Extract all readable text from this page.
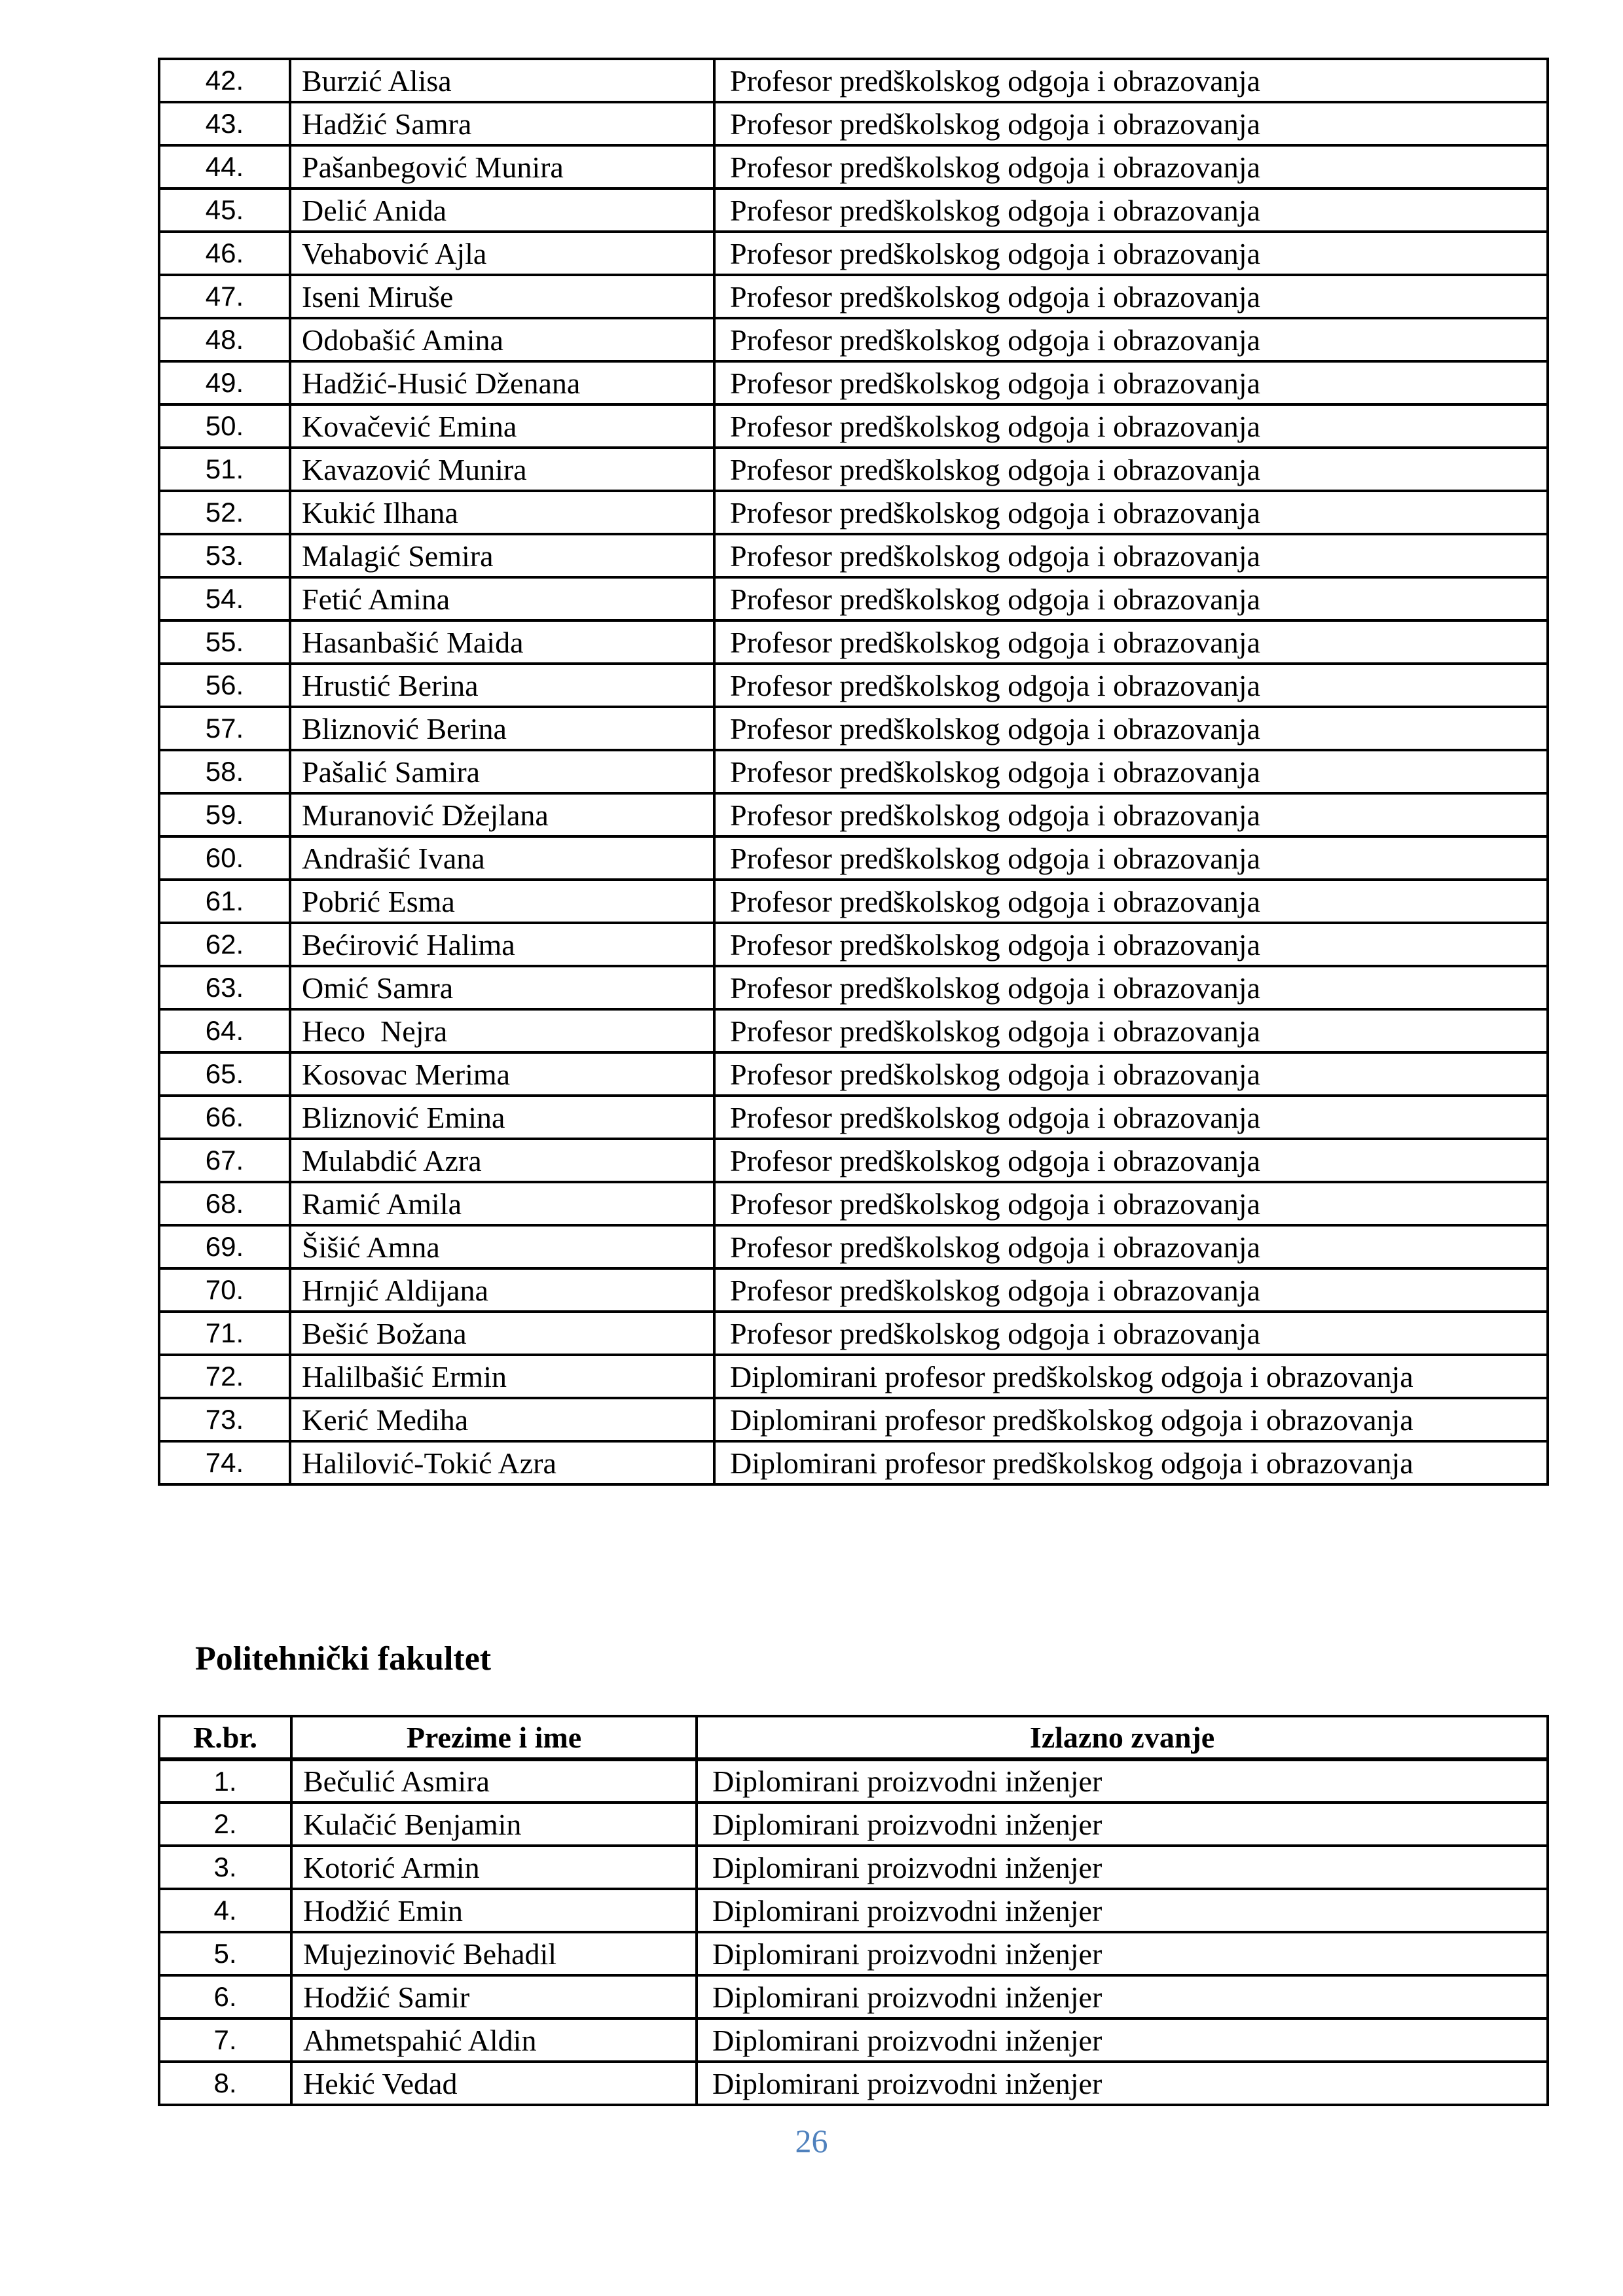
42.	Burzić Alisa	Profesor predškolskog odgoja i obrazovanja
43.	Hadžić Samra	Profesor predškolskog odgoja i obrazovanja
44.	Pašanbegović Munira	Profesor predškolskog odgoja i obrazovanja
45.	Delić Anida	Profesor predškolskog odgoja i obrazovanja
46.	Vehabović Ajla	Profesor predškolskog odgoja i obrazovanja
47.	Iseni Miruše	Profesor predškolskog odgoja i obrazovanja
48.	Odobašić Amina	Profesor predškolskog odgoja i obrazovanja
49.	Hadžić-Husić Dženana	Profesor predškolskog odgoja i obrazovanja
50.	Kovačević Emina	Profesor predškolskog odgoja i obrazovanja
51.	Kavazović Munira	Profesor predškolskog odgoja i obrazovanja
52.	Kukić Ilhana	Profesor predškolskog odgoja i obrazovanja
53.	Malagić Semira	Profesor predškolskog odgoja i obrazovanja
54.	Fetić Amina	Profesor predškolskog odgoja i obrazovanja
55.	Hasanbašić Maida	Profesor predškolskog odgoja i obrazovanja
56.	Hrustić Berina	Profesor predškolskog odgoja i obrazovanja
57.	Bliznović Berina	Profesor predškolskog odgoja i obrazovanja
58.	Pašalić Samira	Profesor predškolskog odgoja i obrazovanja
59.	Muranović Džejlana	Profesor predškolskog odgoja i obrazovanja
60.	Andrašić Ivana	Profesor predškolskog odgoja i obrazovanja
61.	Pobrić Esma	Profesor predškolskog odgoja i obrazovanja
62.	Bećirović Halima	Profesor predškolskog odgoja i obrazovanja
63.	Omić Samra	Profesor predškolskog odgoja i obrazovanja
64.	Heco  Nejra	Profesor predškolskog odgoja i obrazovanja
65.	Kosovac Merima	Profesor predškolskog odgoja i obrazovanja
66.	Bliznović Emina	Profesor predškolskog odgoja i obrazovanja
67.	Mulabdić Azra	Profesor predškolskog odgoja i obrazovanja
68.	Ramić Amila	Profesor predškolskog odgoja i obrazovanja
69.	Šišić Amna	Profesor predškolskog odgoja i obrazovanja
70.	Hrnjić Aldijana	Profesor predškolskog odgoja i obrazovanja
71.	Bešić Božana	Profesor predškolskog odgoja i obrazovanja
72.	Halilbašić Ermin	Diplomirani profesor predškolskog odgoja i obrazovanja
73.	Kerić Mediha	Diplomirani profesor predškolskog odgoja i obrazovanja
74.	Halilović-Tokić Azra	Diplomirani profesor predškolskog odgoja i obrazovanja
Politehnički fakultet
R.br.	Prezime i ime	Izlazno zvanje
1.	Bečulić Asmira	Diplomirani proizvodni inženjer
2.	Kulačić Benjamin	Diplomirani proizvodni inženjer
3.	Kotorić Armin	Diplomirani proizvodni inženjer
4.	Hodžić Emin	Diplomirani proizvodni inženjer
5.	Mujezinović Behadil	Diplomirani proizvodni inženjer
6.	Hodžić Samir	Diplomirani proizvodni inženjer
7.	Ahmetspahić Aldin	Diplomirani proizvodni inženjer
8.	Hekić Vedad	Diplomirani proizvodni inženjer
26
